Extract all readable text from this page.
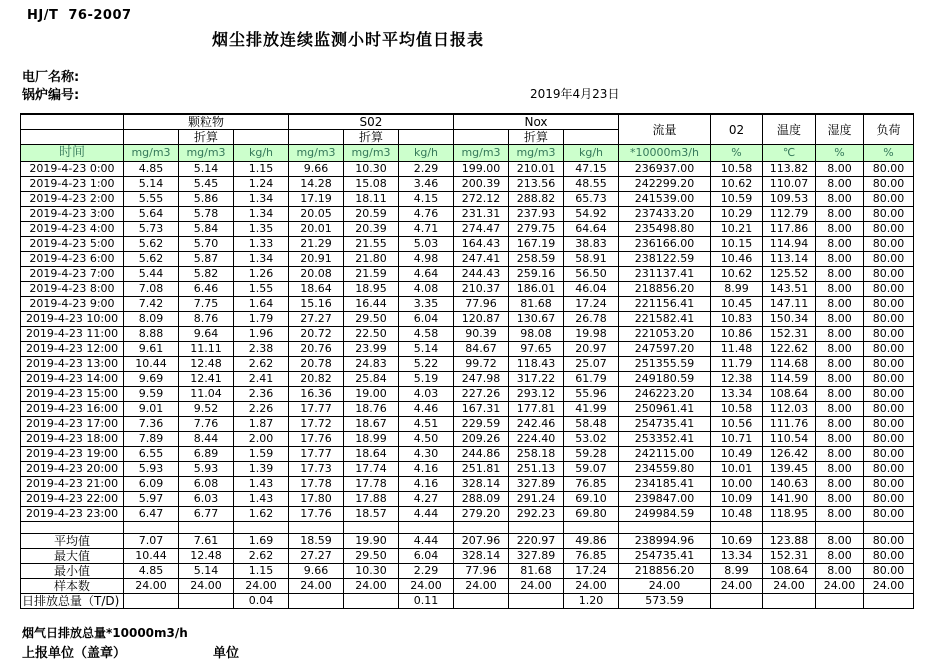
HJ/T  76-2007
烟尘排放连续监测小时平均值日报表
电厂名称:
锅炉编号:	2019年4月23日
	颗粒物			S02			Nox			流量	02	温度	湿度	负荷
		折算			折算			折算						
时间	mg/m3	mg/m3	kg/h	mg/m3	mg/m3	kg/h	mg/m3	mg/m3	kg/h	*10000m3/h	%	℃	%	%
2019-4-23 0:00	4.85	5.14	1.15	9.66	10.30	2.29	199.00	210.01	47.15	236937.00	10.58	113.82	8.00	80.00
2019-4-23 1:00	5.14	5.45	1.24	14.28	15.08	3.46	200.39	213.56	48.55	242299.20	10.62	110.07	8.00	80.00
2019-4-23 2:00	5.55	5.86	1.34	17.19	18.11	4.15	272.12	288.82	65.73	241539.00	10.59	109.53	8.00	80.00
2019-4-23 3:00	5.64	5.78	1.34	20.05	20.59	4.76	231.31	237.93	54.92	237433.20	10.29	112.79	8.00	80.00
2019-4-23 4:00	5.73	5.84	1.35	20.01	20.39	4.71	274.47	279.75	64.64	235498.80	10.21	117.86	8.00	80.00
2019-4-23 5:00	5.62	5.70	1.33	21.29	21.55	5.03	164.43	167.19	38.83	236166.00	10.15	114.94	8.00	80.00
2019-4-23 6:00	5.62	5.87	1.34	20.91	21.80	4.98	247.41	258.59	58.91	238122.59	10.46	113.14	8.00	80.00
2019-4-23 7:00	5.44	5.82	1.26	20.08	21.59	4.64	244.43	259.16	56.50	231137.41	10.62	125.52	8.00	80.00
2019-4-23 8:00	7.08	6.46	1.55	18.64	18.95	4.08	210.37	186.01	46.04	218856.20	8.99	143.51	8.00	80.00
2019-4-23 9:00	7.42	7.75	1.64	15.16	16.44	3.35	77.96	81.68	17.24	221156.41	10.45	147.11	8.00	80.00
2019-4-23 10:00	8.09	8.76	1.79	27.27	29.50	6.04	120.87	130.67	26.78	221582.41	10.83	150.34	8.00	80.00
2019-4-23 11:00	8.88	9.64	1.96	20.72	22.50	4.58	90.39	98.08	19.98	221053.20	10.86	152.31	8.00	80.00
2019-4-23 12:00	9.61	11.11	2.38	20.76	23.99	5.14	84.67	97.65	20.97	247597.20	11.48	122.62	8.00	80.00
2019-4-23 13:00	10.44	12.48	2.62	20.78	24.83	5.22	99.72	118.43	25.07	251355.59	11.79	114.68	8.00	80.00
2019-4-23 14:00	9.69	12.41	2.41	20.82	25.84	5.19	247.98	317.22	61.79	249180.59	12.38	114.59	8.00	80.00
2019-4-23 15:00	9.59	11.04	2.36	16.36	19.00	4.03	227.26	293.12	55.96	246223.20	13.34	108.64	8.00	80.00
2019-4-23 16:00	9.01	9.52	2.26	17.77	18.76	4.46	167.31	177.81	41.99	250961.41	10.58	112.03	8.00	80.00
2019-4-23 17:00	7.36	7.76	1.87	17.72	18.67	4.51	229.59	242.46	58.48	254735.41	10.56	111.76	8.00	80.00
2019-4-23 18:00	7.89	8.44	2.00	17.76	18.99	4.50	209.26	224.40	53.02	253352.41	10.71	110.54	8.00	80.00
2019-4-23 19:00	6.55	6.89	1.59	17.77	18.64	4.30	244.86	258.18	59.28	242115.00	10.49	126.42	8.00	80.00
2019-4-23 20:00	5.93	5.93	1.39	17.73	17.74	4.16	251.81	251.13	59.07	234559.80	10.01	139.45	8.00	80.00
2019-4-23 21:00	6.09	6.08	1.43	17.78	17.78	4.16	328.14	327.89	76.85	234185.41	10.00	140.63	8.00	80.00
2019-4-23 22:00	5.97	6.03	1.43	17.80	17.88	4.27	288.09	291.24	69.10	239847.00	10.09	141.90	8.00	80.00
2019-4-23 23:00	6.47	6.77	1.62	17.76	18.57	4.44	279.20	292.23	69.80	249984.59	10.48	118.95	8.00	80.00

平均值	7.07	7.61	1.69	18.59	19.90	4.44	207.96	220.97	49.86	238994.96	10.69	123.88	8.00	80.00
最大值	10.44	12.48	2.62	27.27	29.50	6.04	328.14	327.89	76.85	254735.41	13.34	152.31	8.00	80.00
最小值	4.85	5.14	1.15	9.66	10.30	2.29	77.96	81.68	17.24	218856.20	8.99	108.64	8.00	80.00
样本数	24.00	24.00	24.00	24.00	24.00	24.00	24.00	24.00	24.00	24.00	24.00	24.00	24.00	24.00
日排放总量（T/D)			0.04			0.11			1.20	573.59				
烟气日排放总量*10000m3/h
上报单位（盖章）	单位
